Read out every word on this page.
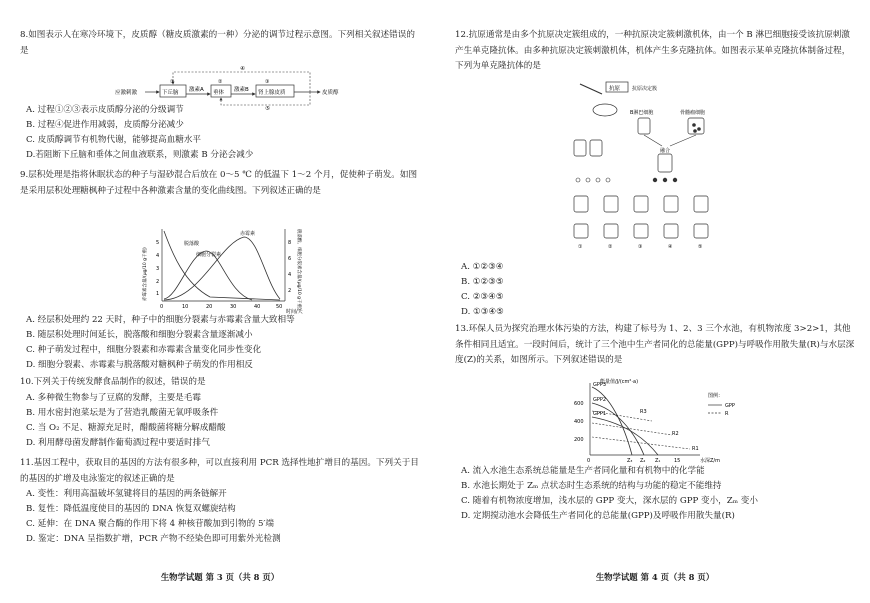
8.如图表示人在寒冷环境下，皮质醇（糖皮质激素的一种）分泌的调节过程示意图。下列相关叙述错误的是

应激刺激	下丘脑 激素A 垂体 激素B 肾上腺皮质	皮质醇
④
⑤
①	②	③

A. 过程①②③表示皮质醇分泌的分级调节

B. 过程④促进作用减弱，皮质醇分泌减少

C. 皮质醇调节有机物代谢，能够提高血糖水平

D.若阻断下丘脑和垂体之间血液联系，则激素 B 分泌会减少

9.层积处理是指将休眠状态的种子与湿砂混合后放在 0～5 ℃ 的低温下 1～2 个月，促使种子萌发。如图是采用层积处理糖枫种子过程中各种激素含量的变化曲线图。下列叙述正确的是

赤霉素含量/(μg/10 g干重)	脱落酸、细胞分裂素含量/(μg/10 g干重)
5
4
3
2
1
8
6
4
2
0	10	20	30	40	50
时间/天
脱落酸
细胞分裂素
赤霉素

A. 经层积处理约 22 天时，种子中的细胞分裂素与赤霉素含量大致相等

B. 随层积处理时间延长，脱落酸和细胞分裂素含量逐渐减小

C. 种子萌发过程中，细胞分裂素和赤霉素含量变化同步性变化

D. 细胞分裂素、赤霉素与脱落酸对糖枫种子萌发的作用相反

10.下列关于传统发酵食品制作的叙述，错误的是

A. 多种微生物参与了豆腐的发酵，主要是毛霉

B. 用水密封泡菜坛是为了营造乳酸菌无氧呼吸条件

C. 当 O₂ 不足、糖源充足时，醋酸菌将糖分解成醋酸

D. 利用酵母菌发酵制作葡萄酒过程中要适时排气

11.基因工程中，获取目的基因的方法有很多种，可以直接利用 PCR 选择性地扩增目的基因。下列关于目的基因的扩增及电泳鉴定的叙述正确的是

A. 变性：利用高温破坏氢键将目的基因的两条链解开

B. 复性：降低温度使目的基因的 DNA 恢复双螺旋结构

C. 延伸：在 DNA 聚合酶的作用下将 4 种核苷酸加到引物的 5′端

D. 鉴定：DNA 呈指数扩增，PCR 产物不经染色即可用紫外光检测

生物学试题 第 3 页（共 8 页）

12.抗原通常是由多个抗原决定簇组成的，一种抗原决定簇刺激机体，由一个 B 淋巴细胞接受该抗原刺激产生单克隆抗体。由多种抗原决定簇刺激机体，机体产生多克隆抗体。如图表示某单克隆抗体制备过程，下列为单克隆抗体的是

抗原 抗原决定簇
B淋巴细胞	骨髓瘤细胞
融合
①	②	③	④	⑤

A. ①②③④

B. ①②③⑤

C. ②③④⑤

D. ①③④⑤

13.环保人员为探究治理水体污染的方法，构建了标号为 1、2、3 三个水池，有机物浓度 3>2>1，其他条件相同且适宜。一段时间后，统计了三个池中生产者同化的总能量(GPP)与呼吸作用散失量(R)与水层深度(Z)的关系，如图所示。下列叙述错误的是

能量值/J/(cm²·a)
600
400
200
0	Z₃ Z₂ Z₁	15	水深Z/m
GPP3
GPP2
GPP1	R3
R2
R1
图例：
GPP
R

A. 流入水池生态系统总能量是生产者同化量和有机物中的化学能

B. 水池长期处于 Zₘ 点状态时生态系统的结构与功能的稳定不能维持

C. 随着有机物浓度增加，浅水层的 GPP 变大，深水层的 GPP 变小，Zₘ 变小

D. 定期搅动池水会降低生产者同化的总能量(GPP)及呼吸作用散失量(R)

生物学试题 第 4 页（共 8 页）
